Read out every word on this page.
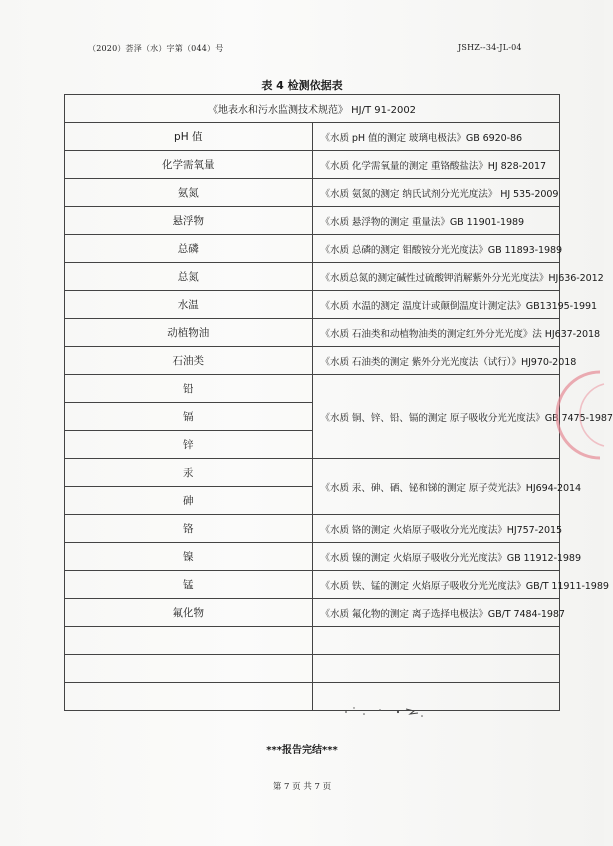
（2020）荟泽（水）字第（044）号	JSHZ--34-JL-04
表 4 检测依据表
《地表水和污水监测技术规范》 HJ/T 91-2002	
pH 值	《水质 pH 值的测定 玻璃电极法》GB 6920-86
化学需氧量	《水质 化学需氧量的测定 重铬酸盐法》HJ 828-2017
氨氮	《水质 氨氮的测定 纳氏试剂分光光度法》 HJ 535-2009
悬浮物	《水质 悬浮物的测定 重量法》GB 11901-1989
总磷	《水质 总磷的测定 钼酸铵分光光度法》GB 11893-1989
总氮	《水质总氮的测定碱性过硫酸钾消解紫外分光光度法》HJ636-2012
水温	《水质 水温的测定 温度计或颠倒温度计测定法》GB13195-1991
动植物油	《水质 石油类和动植物油类的测定红外分光光度》法 HJ637-2018
石油类	《水质 石油类的测定 紫外分光光度法（试行）》HJ970-2018
铅	《水质 铜、锌、铅、镉的测定 原子吸收分光光度法》GB 7475-1987
镉	
锌	
汞	《水质 汞、砷、硒、铋和锑的测定 原子荧光法》HJ694-2014
砷	
铬	《水质 铬的测定 火焰原子吸收分光光度法》HJ757-2015
镍	《水质 镍的测定 火焰原子吸收分光光度法》GB 11912-1989
锰	《水质 铁、锰的测定 火焰原子吸收分光光度法》GB/T 11911-1989
氟化物	《水质 氟化物的测定 离子选择电极法》GB/T 7484-1987

***报告完结***
第 7 页 共 7 页
